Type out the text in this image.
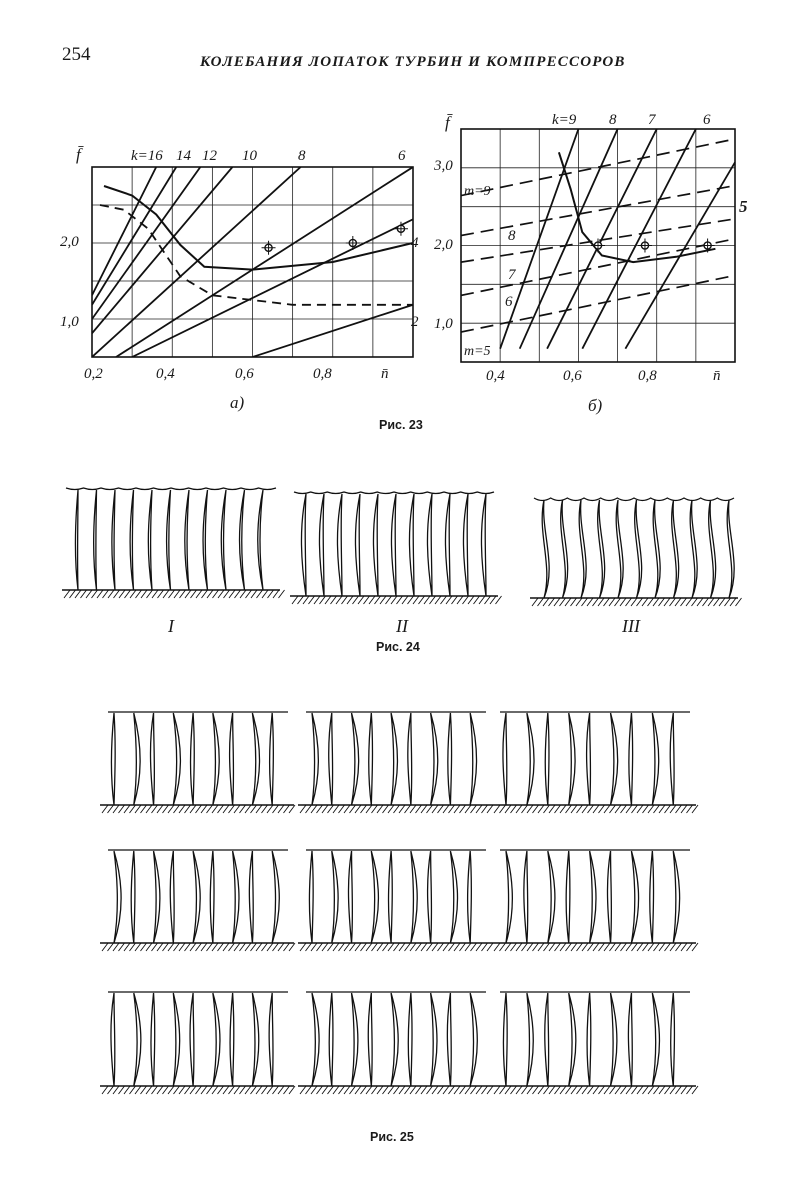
254	КОЛЕБАНИЯ ЛОПАТОК ТУРБИН И КОМПРЕССОРОВ
f̄
n̄
2,0
1,0
0,2	0,4	0,6	0,8
k=16 14 12 10	8	6
4
2
а)
f̄
n̄
3,0
2,0
1,0
0,4	0,6	0,8
k=9 8 7	6
5
m=9
8
7
6
m=5
б)
Рис. 23
I	II	III
Рис. 24
Рис. 25
